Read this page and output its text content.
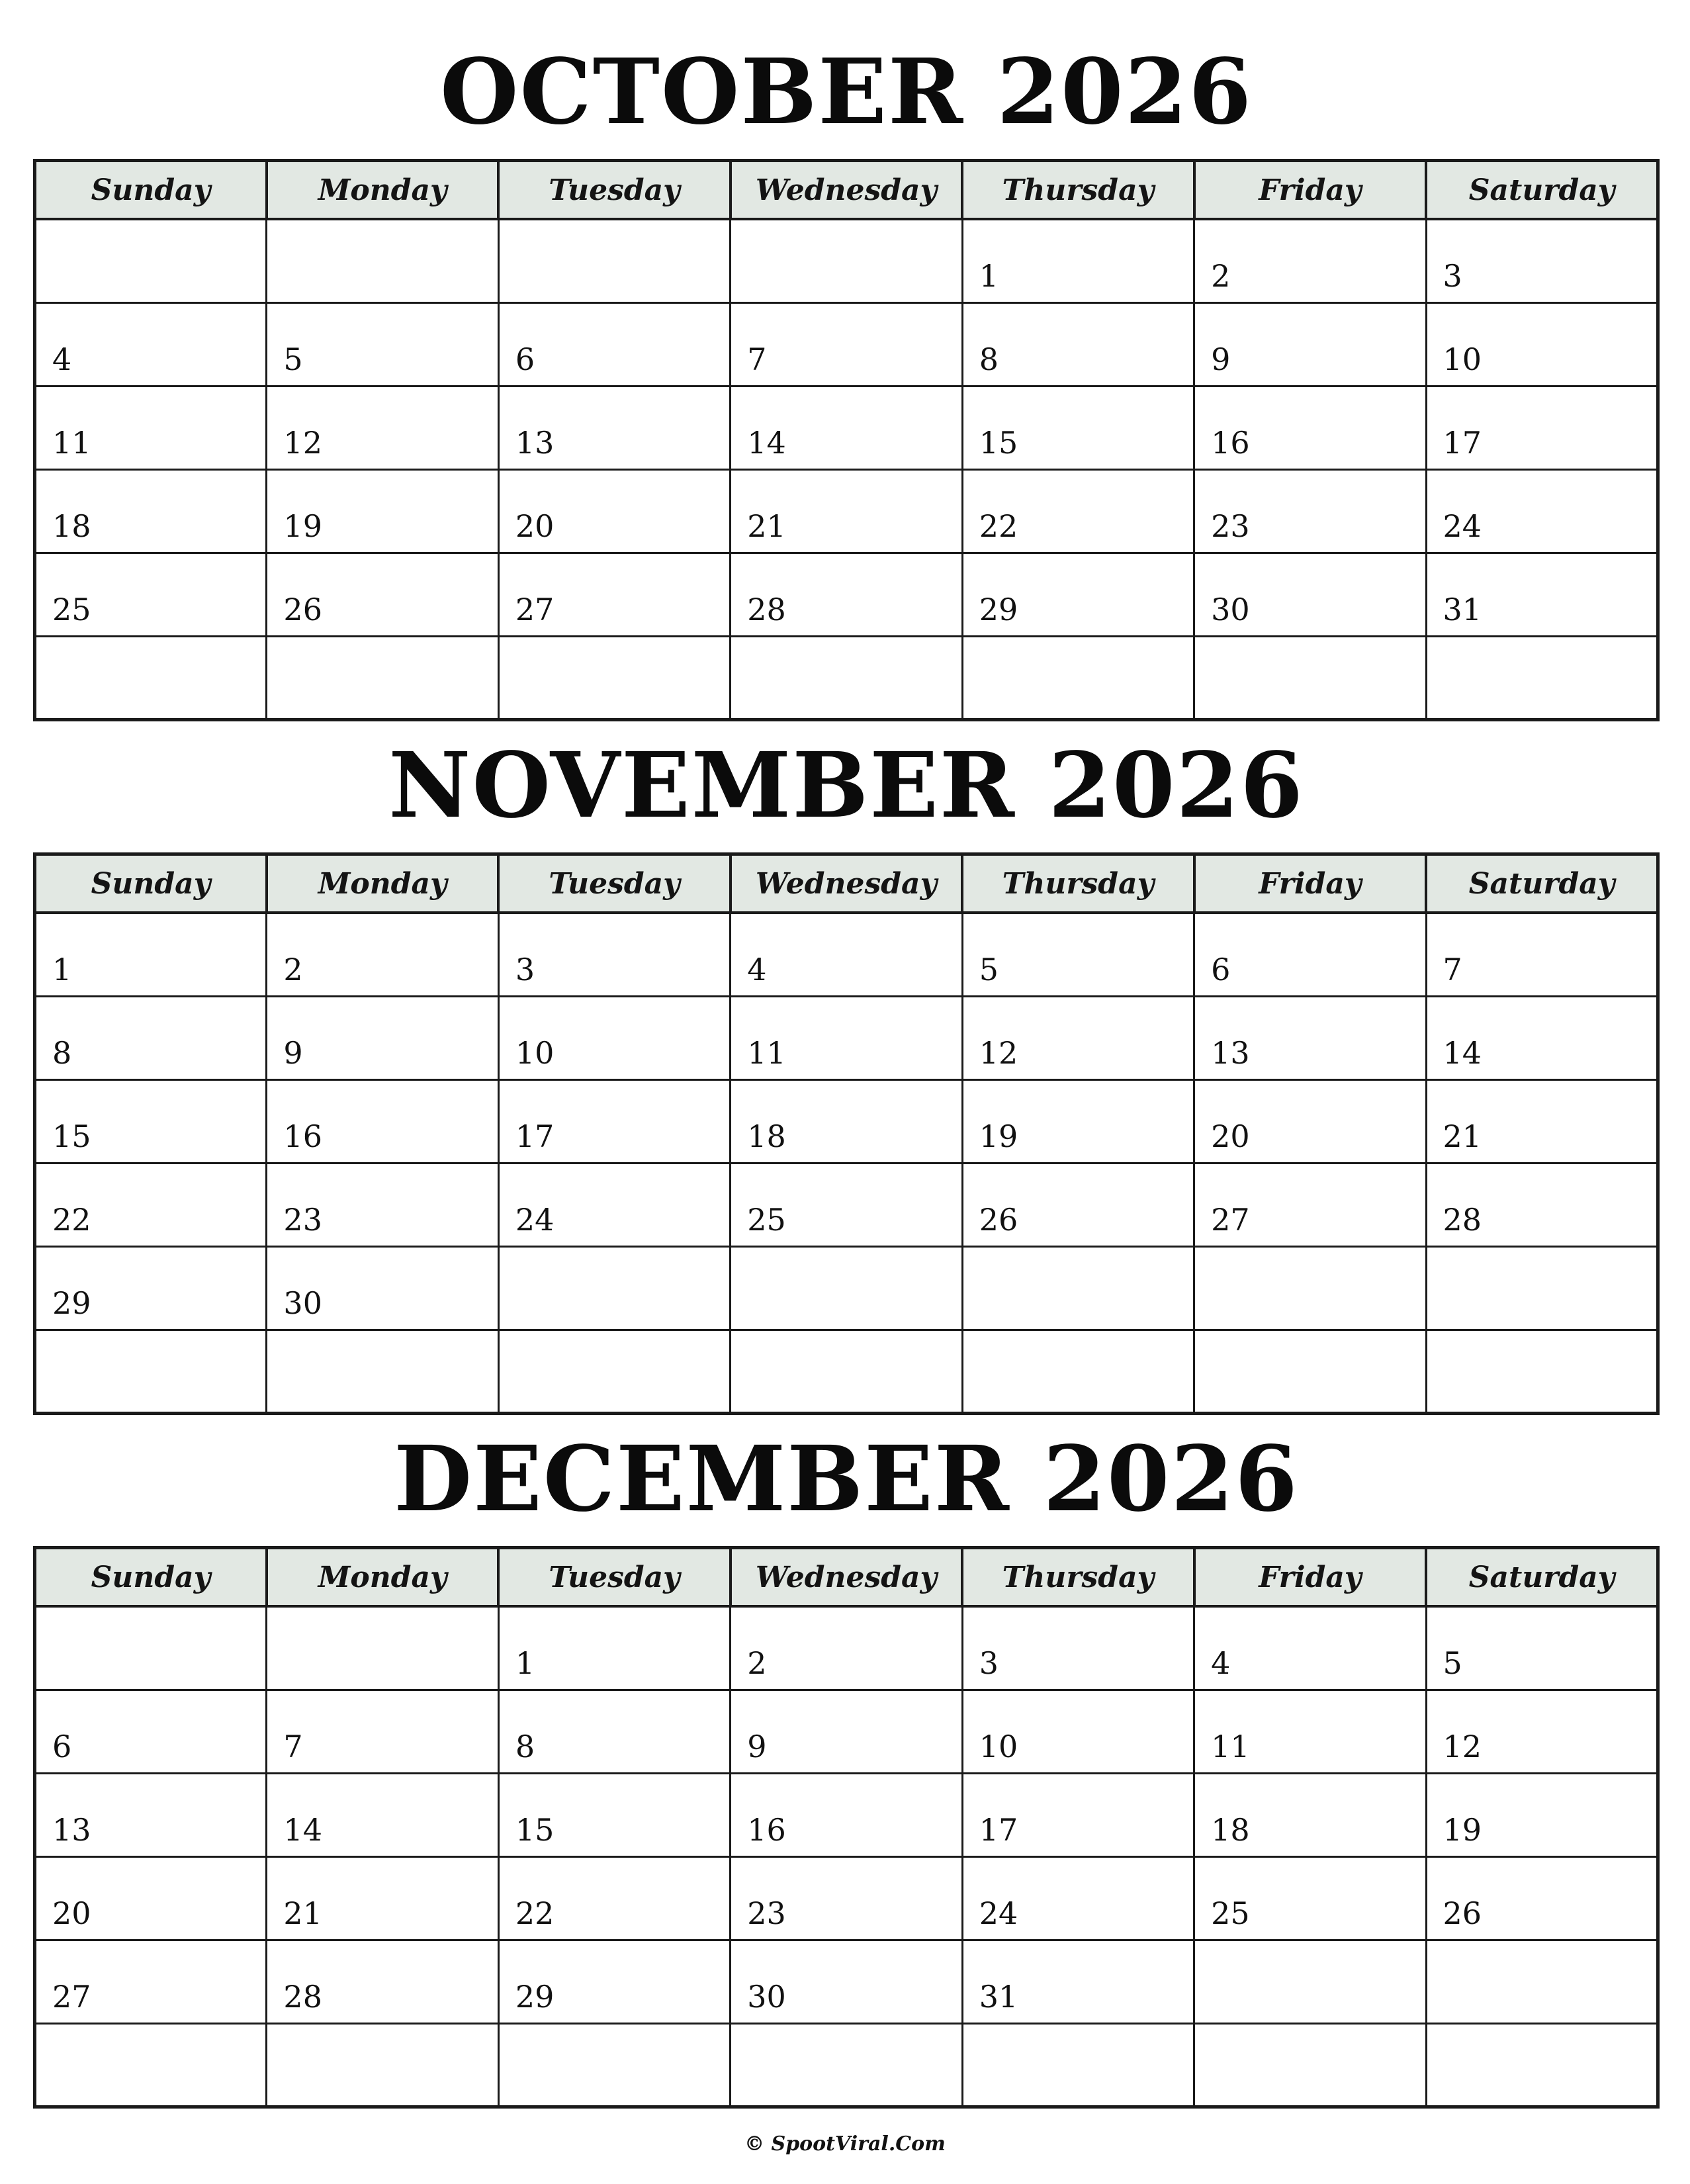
OCTOBER 2026
Sunday	Monday	Tuesday	Wednesday	Thursday	Friday	Saturday
				1	2	3
4	5	6	7	8	9	10
11	12	13	14	15	16	17
18	19	20	21	22	23	24
25	26	27	28	29	30	31

NOVEMBER 2026
Sunday	Monday	Tuesday	Wednesday	Thursday	Friday	Saturday
1	2	3	4	5	6	7
8	9	10	11	12	13	14
15	16	17	18	19	20	21
22	23	24	25	26	27	28
29	30					

DECEMBER 2026
Sunday	Monday	Tuesday	Wednesday	Thursday	Friday	Saturday
		1	2	3	4	5
6	7	8	9	10	11	12
13	14	15	16	17	18	19
20	21	22	23	24	25	26
27	28	29	30	31		

© SpootViral.Com
